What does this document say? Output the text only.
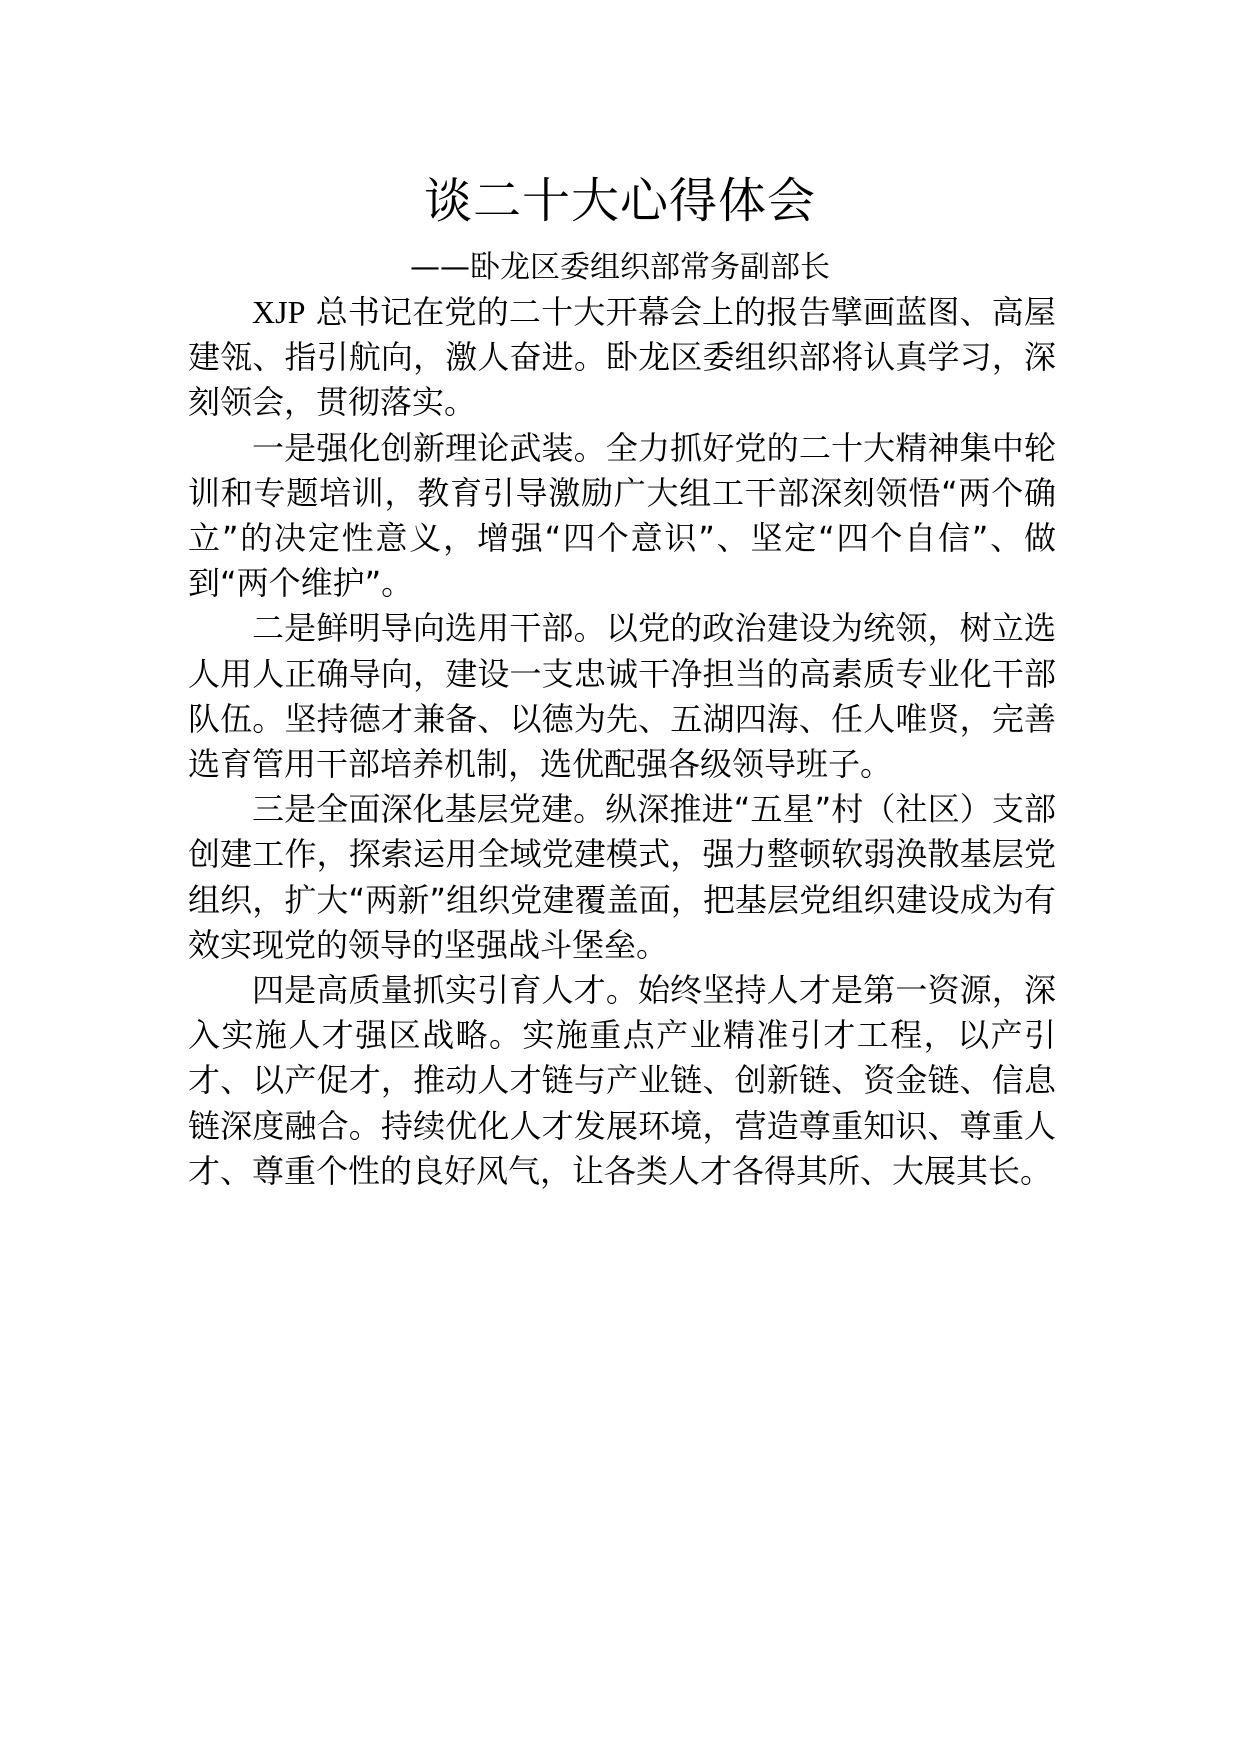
谈二十大心得体会
——卧龙区委组织部常务副部长

XJP 总书记在党的二十大开幕会上的报告擘画蓝图、高屋建瓴、指引航向，激人奋进。卧龙区委组织部将认真学习，深刻领会，贯彻落实。

一是强化创新理论武装。全力抓好党的二十大精神集中轮训和专题培训，教育引导激励广大组工干部深刻领悟“两个确立”的决定性意义，增强“四个意识”、坚定“四个自信”、做到“两个维护”。

二是鲜明导向选用干部。以党的政治建设为统领，树立选人用人正确导向，建设一支忠诚干净担当的高素质专业化干部队伍。坚持德才兼备、以德为先、五湖四海、任人唯贤，完善选育管用干部培养机制，选优配强各级领导班子。

三是全面深化基层党建。纵深推进“五星”村（社区）支部创建工作，探索运用全域党建模式，强力整顿软弱涣散基层党组织，扩大“两新”组织党建覆盖面，把基层党组织建设成为有效实现党的领导的坚强战斗堡垒。

四是高质量抓实引育人才。始终坚持人才是第一资源，深入实施人才强区战略。实施重点产业精准引才工程，以产引才、以产促才，推动人才链与产业链、创新链、资金链、信息链深度融合。持续优化人才发展环境，营造尊重知识、尊重人才、尊重个性的良好风气，让各类人才各得其所、大展其长。
